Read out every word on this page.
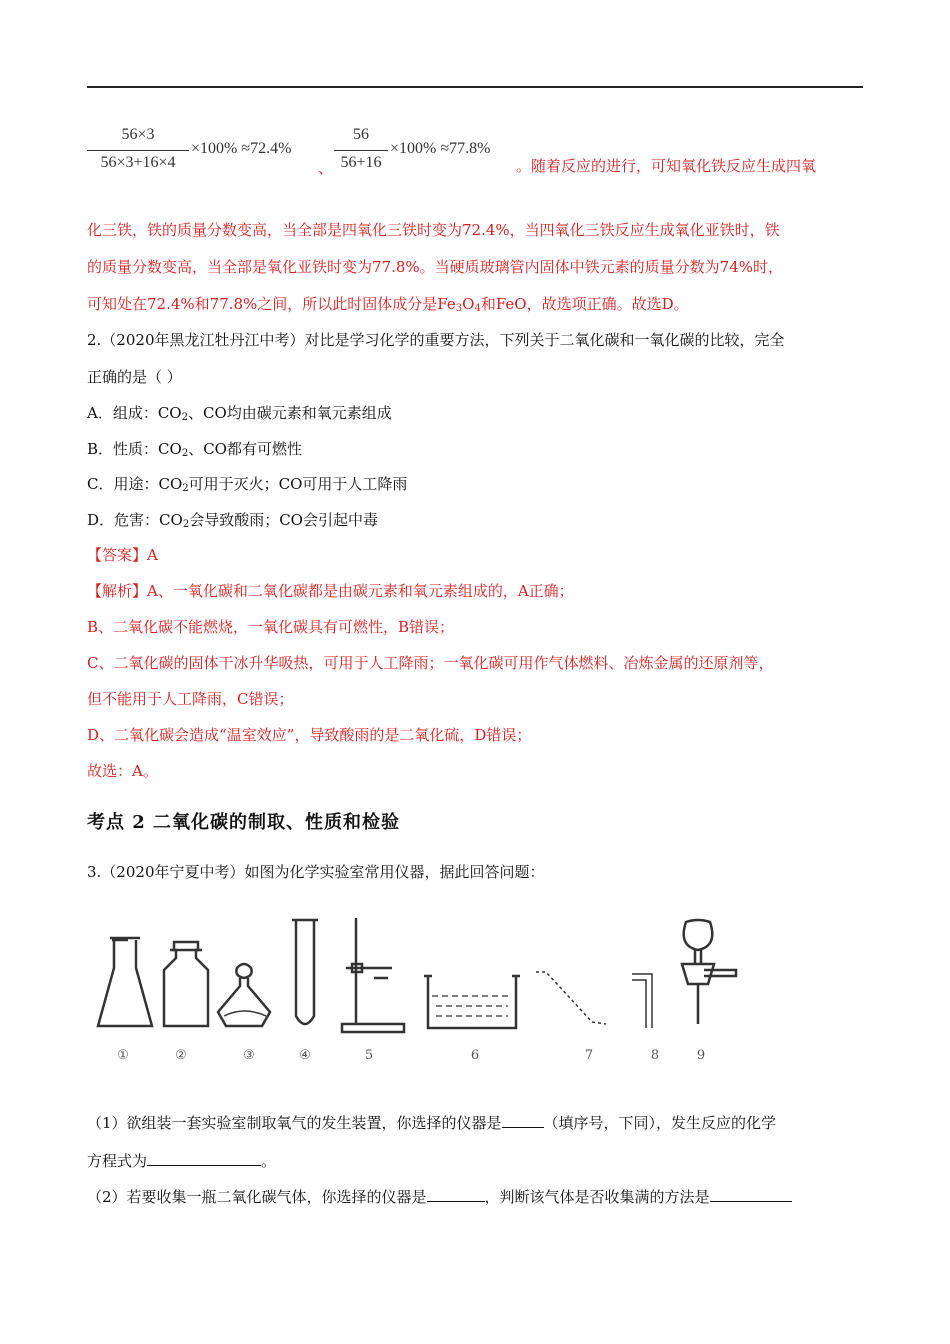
56×3
56×3+16×4
×100% ≈72.4%
、
56
56+16
×100% ≈77.8%
。随着反应的进行，可知氧化铁反应生成四氧
化三铁，铁的质量分数变高，当全部是四氧化三铁时变为72.4%，当四氧化三铁反应生成氧化亚铁时，铁
的质量分数变高，当全部是氧化亚铁时变为77.8%。当硬质玻璃管内固体中铁元素的质量分数为74%时，
可知处在72.4%和77.8%之间，所以此时固体成分是$Fe_3O_4$和FeO，故选项正确。故选D。
2.（2020年黑龙江牡丹江中考）对比是学习化学的重要方法，下列关于二氧化碳和一氧化碳的比较，完全
正确的是（ ）
A．组成：$CO_2$、CO均由碳元素和氧元素组成
B．性质：$CO_2$、CO都有可燃性
C．用途：$CO_2$可用于灭火；CO可用于人工降雨
D．危害：$CO_2$会导致酸雨；CO会引起中毒
【答案】A
【解析】A、一氧化碳和二氧化碳都是由碳元素和氧元素组成的，A正确；
B、二氧化碳不能燃烧，一氧化碳具有可燃性，B错误；
C、二氧化碳的固体干冰升华吸热，可用于人工降雨；一氧化碳可用作气体燃料、冶炼金属的还原剂等，
但不能用于人工降雨，C错误；
D、二氧化碳会造成“温室效应”，导致酸雨的是二氧化硫，D错误；
故选：A。
考点 2 二氧化碳的制取、性质和检验
3.（2020年宁夏中考）如图为化学实验室常用仪器，据此回答问题：
①	②	③	④	5	6	7	8	9
（1）欲组装一套实验室制取氧气的发生装置，你选择的仪器是	（填序号，下同），发生反应的化学
方程式为	。
（2）若要收集一瓶二氧化碳气体，你选择的仪器是	，判断该气体是否收集满的方法是
